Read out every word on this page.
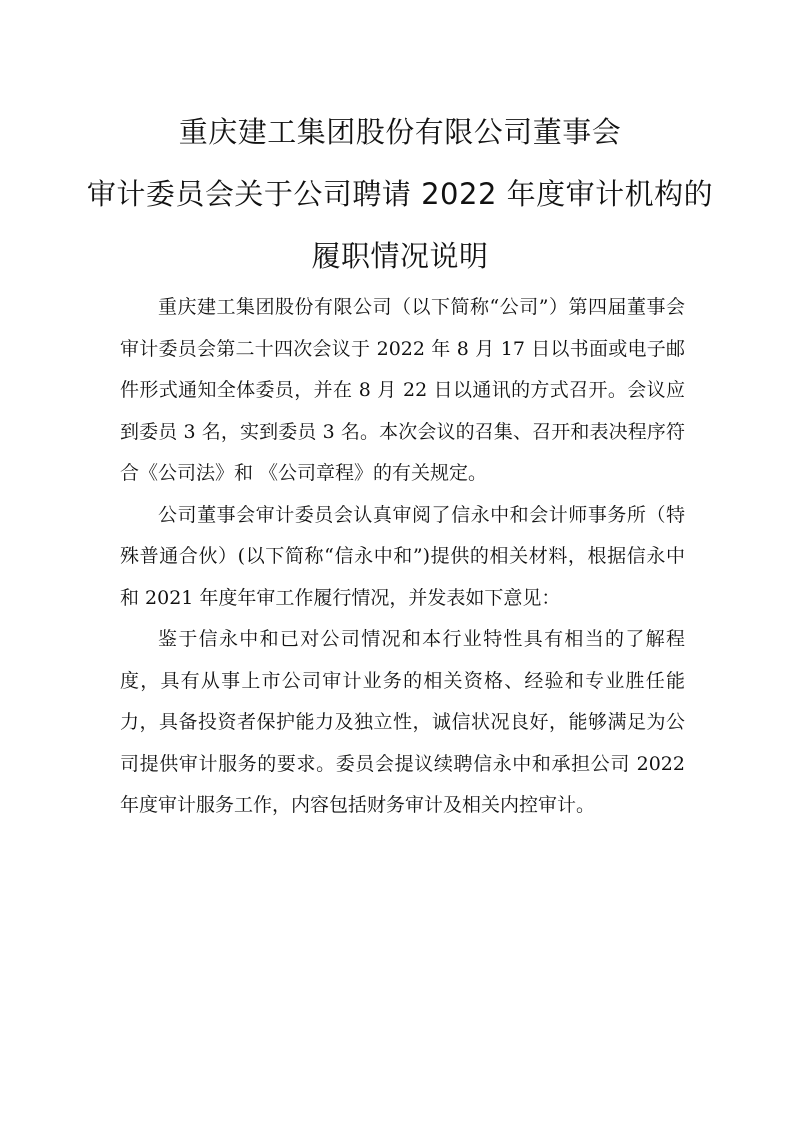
重庆建工集团股份有限公司董事会
审计委员会关于公司聘请 2022 年度审计机构的
履职情况说明

重庆建工集团股份有限公司（以下简称“公司”）第四届董事会审计委员会第二十四次会议于 2022 年 8 月 17 日以书面或电子邮件形式通知全体委员，并在 8 月 22 日以通讯的方式召开。会议应到委员 3 名，实到委员 3 名。本次会议的召集、召开和表决程序符合《公司法》和 《公司章程》的有关规定。

公司董事会审计委员会认真审阅了信永中和会计师事务所（特殊普通合伙）(以下简称“信永中和”)提供的相关材料，根据信永中和 2021 年度年审工作履行情况，并发表如下意见：

鉴于信永中和已对公司情况和本行业特性具有相当的了解程度，具有从事上市公司审计业务的相关资格、经验和专业胜任能力，具备投资者保护能力及独立性，诚信状况良好，能够满足为公司提供审计服务的要求。委员会提议续聘信永中和承担公司 2022 年度审计服务工作，内容包括财务审计及相关内控审计。
